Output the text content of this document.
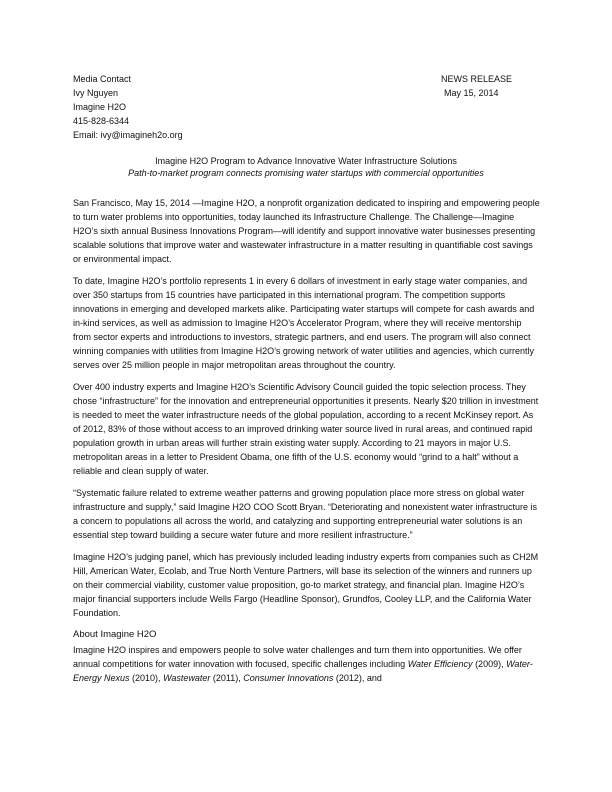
Media Contact
Ivy Nguyen
Imagine H2O
415-828-6344
Email: ivy@imagineh2o.org
NEWS RELEASE
May 15, 2014
Imagine H2O Program to Advance Innovative Water Infrastructure Solutions
Path-to-market program connects promising water startups with commercial opportunities

San Francisco, May 15, 2014 —Imagine H2O, a nonprofit organization dedicated to inspiring and empowering people to turn water problems into opportunities, today launched its Infrastructure Challenge. The Challenge—Imagine H2O’s sixth annual Business Innovations Program—will identify and support innovative water businesses presenting scalable solutions that improve water and wastewater infrastructure in a matter resulting in quantifiable cost savings or environmental impact.

To date, Imagine H2O’s portfolio represents 1 in every 6 dollars of investment in early stage water companies, and over 350 startups from 15 countries have participated in this international program. The competition supports innovations in emerging and developed markets alike. Participating water startups will compete for cash awards and in-kind services, as well as admission to Imagine H2O’s Accelerator Program, where they will receive mentorship from sector experts and introductions to investors, strategic partners, and end users. The program will also connect winning companies with utilities from Imagine H2O’s growing network of water utilities and agencies, which currently serves over 25 million people in major metropolitan areas throughout the country.

Over 400 industry experts and Imagine H2O’s Scientific Advisory Council guided the topic selection process. They chose “infrastructure” for the innovation and entrepreneurial opportunities it presents. Nearly $20 trillion in investment is needed to meet the water infrastructure needs of the global population, according to a recent McKinsey report. As of 2012, 83% of those without access to an improved drinking water source lived in rural areas, and continued rapid population growth in urban areas will further strain existing water supply. According to 21 mayors in major U.S. metropolitan areas in a letter to President Obama, one fifth of the U.S. economy would “grind to a halt” without a reliable and clean supply of water.

“Systematic failure related to extreme weather patterns and growing population place more stress on global water infrastructure and supply,” said Imagine H2O COO Scott Bryan. “Deteriorating and nonexistent water infrastructure is a concern to populations all across the world, and catalyzing and supporting entrepreneurial water solutions is an essential step toward building a secure water future and more resilient infrastructure.”

Imagine H2O’s judging panel, which has previously included leading industry experts from companies such as CH2M Hill, American Water, Ecolab, and True North Venture Partners, will base its selection of the winners and runners up on their commercial viability, customer value proposition, go-to market strategy, and financial plan. Imagine H2O’s major financial supporters include Wells Fargo (Headline Sponsor), Grundfos, Cooley LLP, and the California Water Foundation.

About Imagine H2O

Imagine H2O inspires and empowers people to solve water challenges and turn them into opportunities. We offer annual competitions for water innovation with focused, specific challenges including Water Efficiency (2009), Water-Energy Nexus (2010), Wastewater (2011), Consumer Innovations (2012), and
